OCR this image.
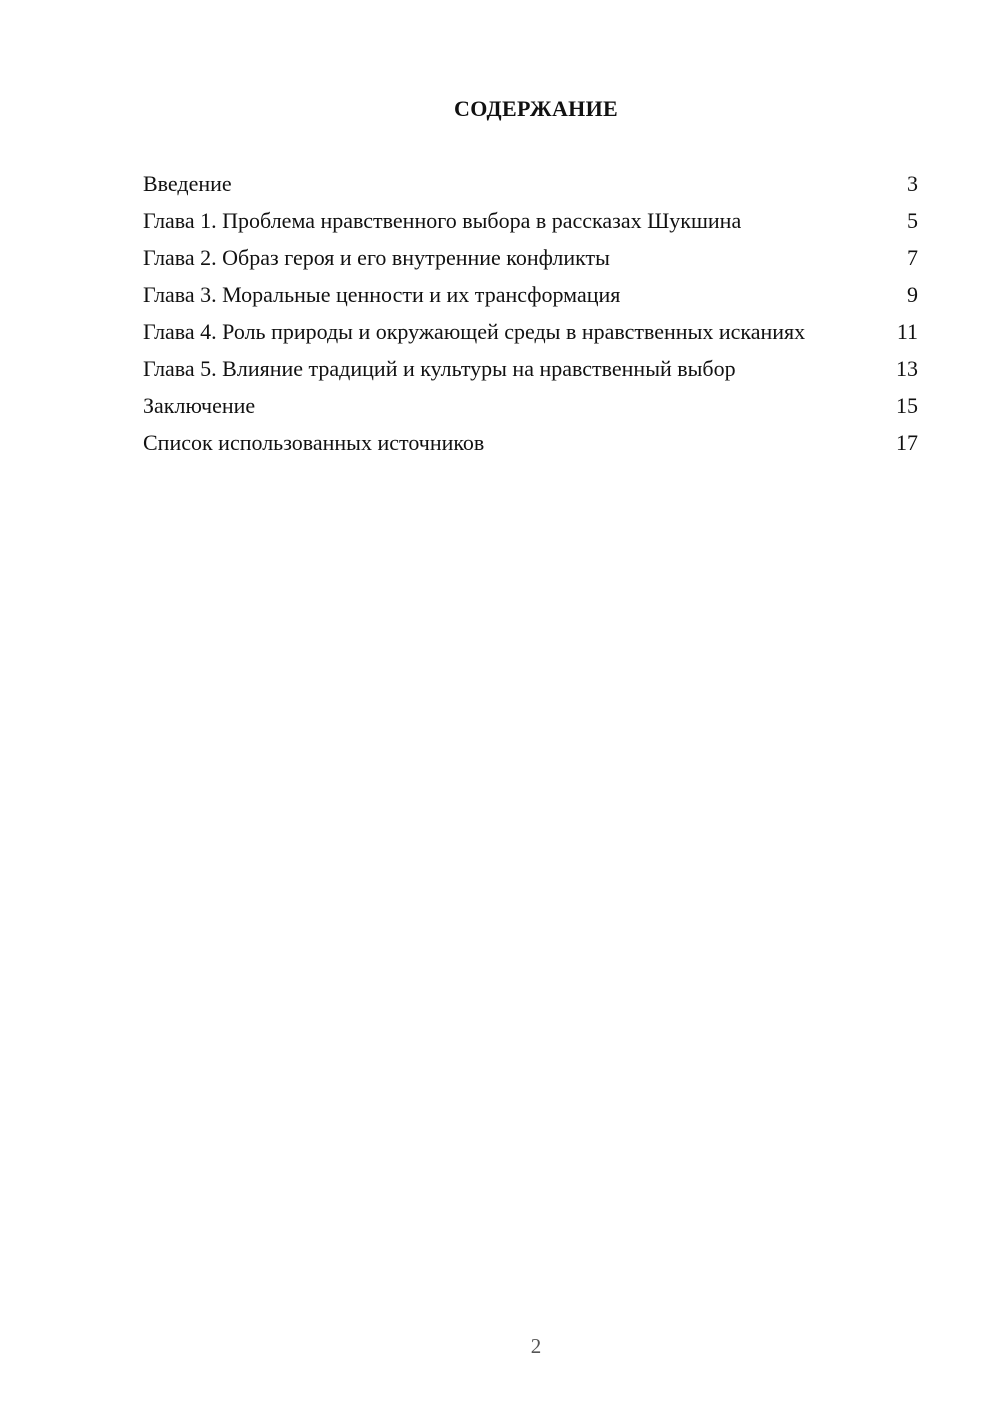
СОДЕРЖАНИЕ
Введение	3
Глава 1. Проблема нравственного выбора в рассказах Шукшина	5
Глава 2. Образ героя и его внутренние конфликты	7
Глава 3. Моральные ценности и их трансформация	9
Глава 4. Роль природы и окружающей среды в нравственных исканиях	11
Глава 5. Влияние традиций и культуры на нравственный выбор	13
Заключение	15
Список использованных источников	17
2
